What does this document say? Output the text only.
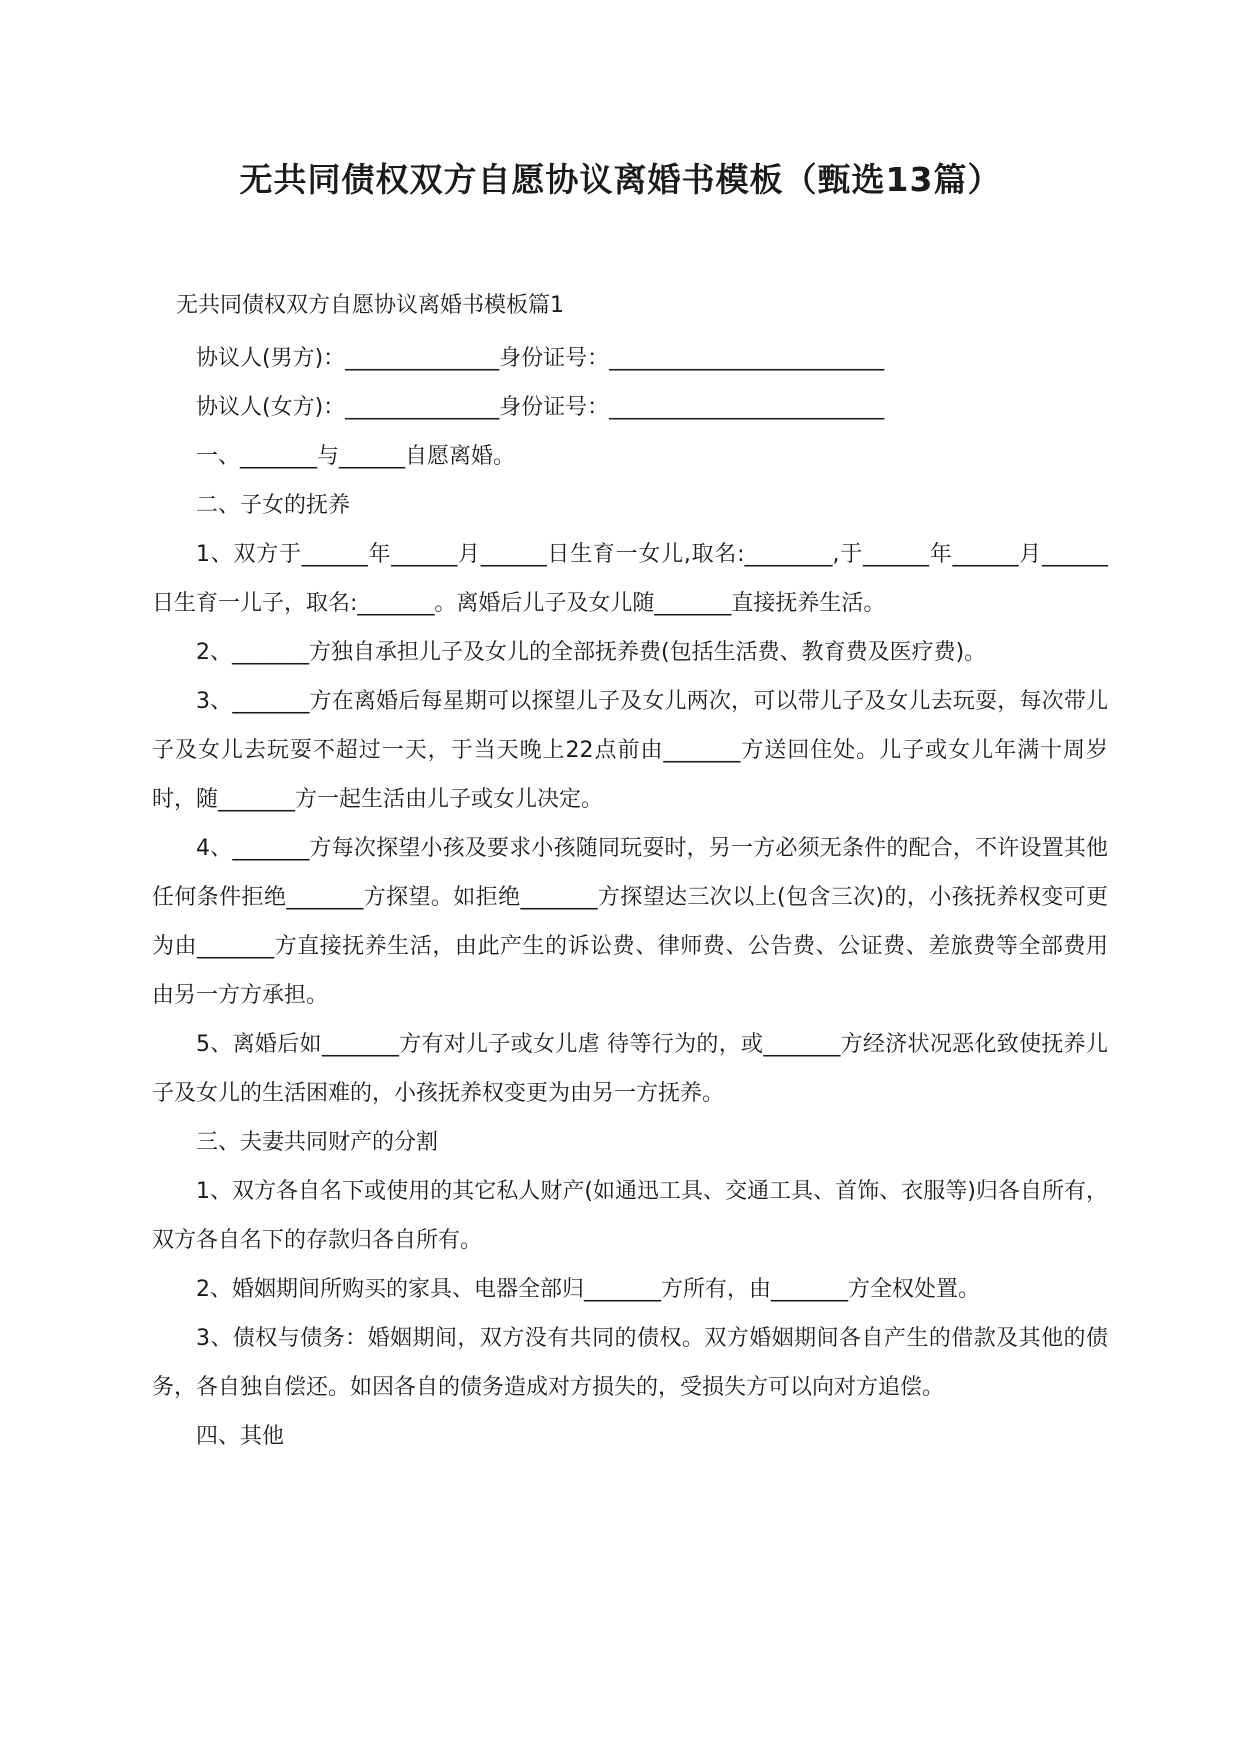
无共同债权双方自愿协议离婚书模板（甄选13篇）
无共同债权双方自愿协议离婚书模板篇1

协议人(男方)：______________身份证号：_________________________

协议人(女方)：______________身份证号：_________________________

一、_______与______自愿离婚。

二、子女的抚养

1、双方于______年______月______日生育一女儿,取名:________,于______年______月______日生育一儿子，取名:_______。离婚后儿子及女儿随_______直接抚养生活。

2、_______方独自承担儿子及女儿的全部抚养费(包括生活费、教育费及医疗费)。

3、_______方在离婚后每星期可以探望儿子及女儿两次，可以带儿子及女儿去玩耍，每次带儿子及女儿去玩耍不超过一天，于当天晚上22点前由_______方送回住处。儿子或女儿年满十周岁时，随_______方一起生活由儿子或女儿决定。

4、_______方每次探望小孩及要求小孩随同玩耍时，另一方必须无条件的配合，不许设置其他任何条件拒绝_______方探望。如拒绝_______方探望达三次以上(包含三次)的，小孩抚养权变可更为由_______方直接抚养生活，由此产生的诉讼费、律师费、公告费、公证费、差旅费等全部费用由另一方方承担。

5、离婚后如_______方有对儿子或女儿虐 待等行为的，或_______方经济状况恶化致使抚养儿子及女儿的生活困难的，小孩抚养权变更为由另一方抚养。

三、夫妻共同财产的分割

1、双方各自名下或使用的其它私人财产(如通迅工具、交通工具、首饰、衣服等)归各自所有，双方各自名下的存款归各自所有。

2、婚姻期间所购买的家具、电器全部归_______方所有，由_______方全权处置。

3、债权与债务：婚姻期间，双方没有共同的债权。双方婚姻期间各自产生的借款及其他的债务，各自独自偿还。如因各自的债务造成对方损失的，受损失方可以向对方追偿。

四、其他
